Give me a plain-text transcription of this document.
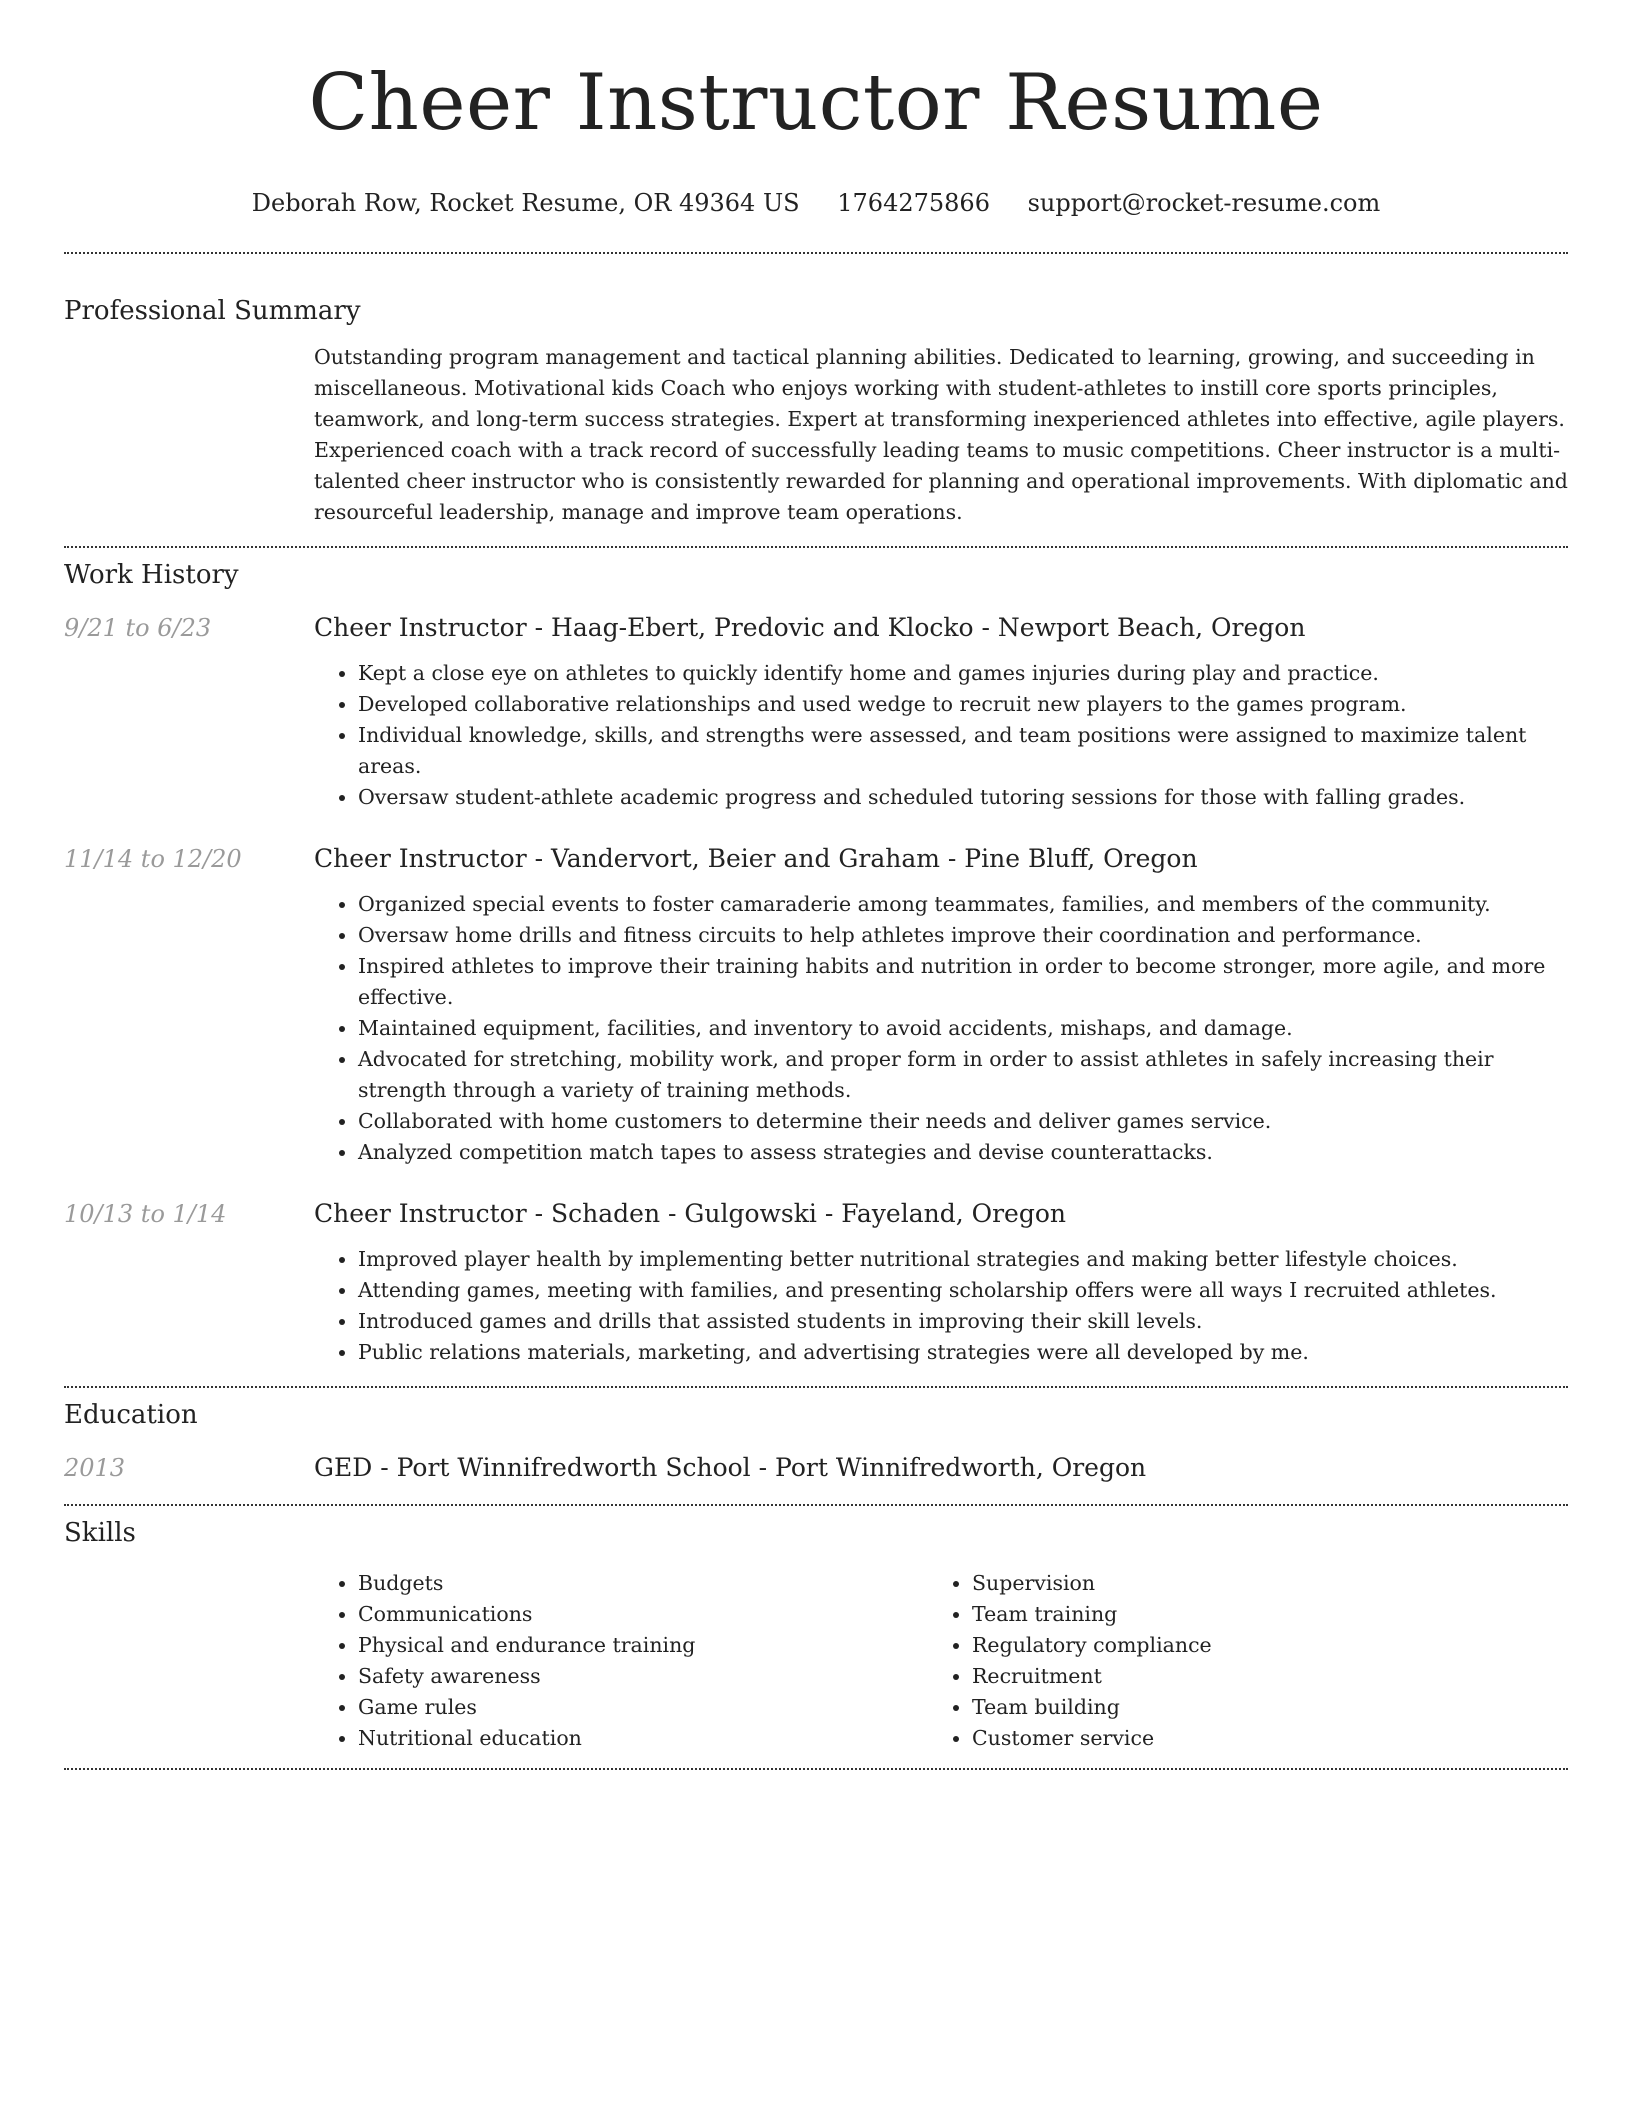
Cheer Instructor Resume
Deborah Row, Rocket Resume, OR 49364 US 1764275866 support@rocket-resume.com
Professional Summary
Outstanding program management and tactical planning abilities. Dedicated to learning, growing, and succeeding in miscellaneous. Motivational kids Coach who enjoys working with student-athletes to instill core sports principles, teamwork, and long-term success strategies. Expert at transforming inexperienced athletes into effective, agile players. Experienced coach with a track record of successfully leading teams to music competitions. Cheer instructor is a multi-talented cheer instructor who is consistently rewarded for planning and operational improvements. With diplomatic and resourceful leadership, manage and improve team operations.
Work History
9/21 to 6/23	Cheer Instructor - Haag-Ebert, Predovic and Klocko - Newport Beach, Oregon
• Kept a close eye on athletes to quickly identify home and games injuries during play and practice.
• Developed collaborative relationships and used wedge to recruit new players to the games program.
• Individual knowledge, skills, and strengths were assessed, and team positions were assigned to maximize talent areas.
• Oversaw student-athlete academic progress and scheduled tutoring sessions for those with falling grades.
11/14 to 12/20	Cheer Instructor - Vandervort, Beier and Graham - Pine Bluff, Oregon
• Organized special events to foster camaraderie among teammates, families, and members of the community.
• Oversaw home drills and fitness circuits to help athletes improve their coordination and performance.
• Inspired athletes to improve their training habits and nutrition in order to become stronger, more agile, and more effective.
• Maintained equipment, facilities, and inventory to avoid accidents, mishaps, and damage.
• Advocated for stretching, mobility work, and proper form in order to assist athletes in safely increasing their strength through a variety of training methods.
• Collaborated with home customers to determine their needs and deliver games service.
• Analyzed competition match tapes to assess strategies and devise counterattacks.
10/13 to 1/14	Cheer Instructor - Schaden - Gulgowski - Fayeland, Oregon
• Improved player health by implementing better nutritional strategies and making better lifestyle choices.
• Attending games, meeting with families, and presenting scholarship offers were all ways I recruited athletes.
• Introduced games and drills that assisted students in improving their skill levels.
• Public relations materials, marketing, and advertising strategies were all developed by me.
Education
2013	GED - Port Winnifredworth School - Port Winnifredworth, Oregon
Skills
• Budgets
• Communications
• Physical and endurance training
• Safety awareness
• Game rules
• Nutritional education
• Supervision
• Team training
• Regulatory compliance
• Recruitment
• Team building
• Customer service
